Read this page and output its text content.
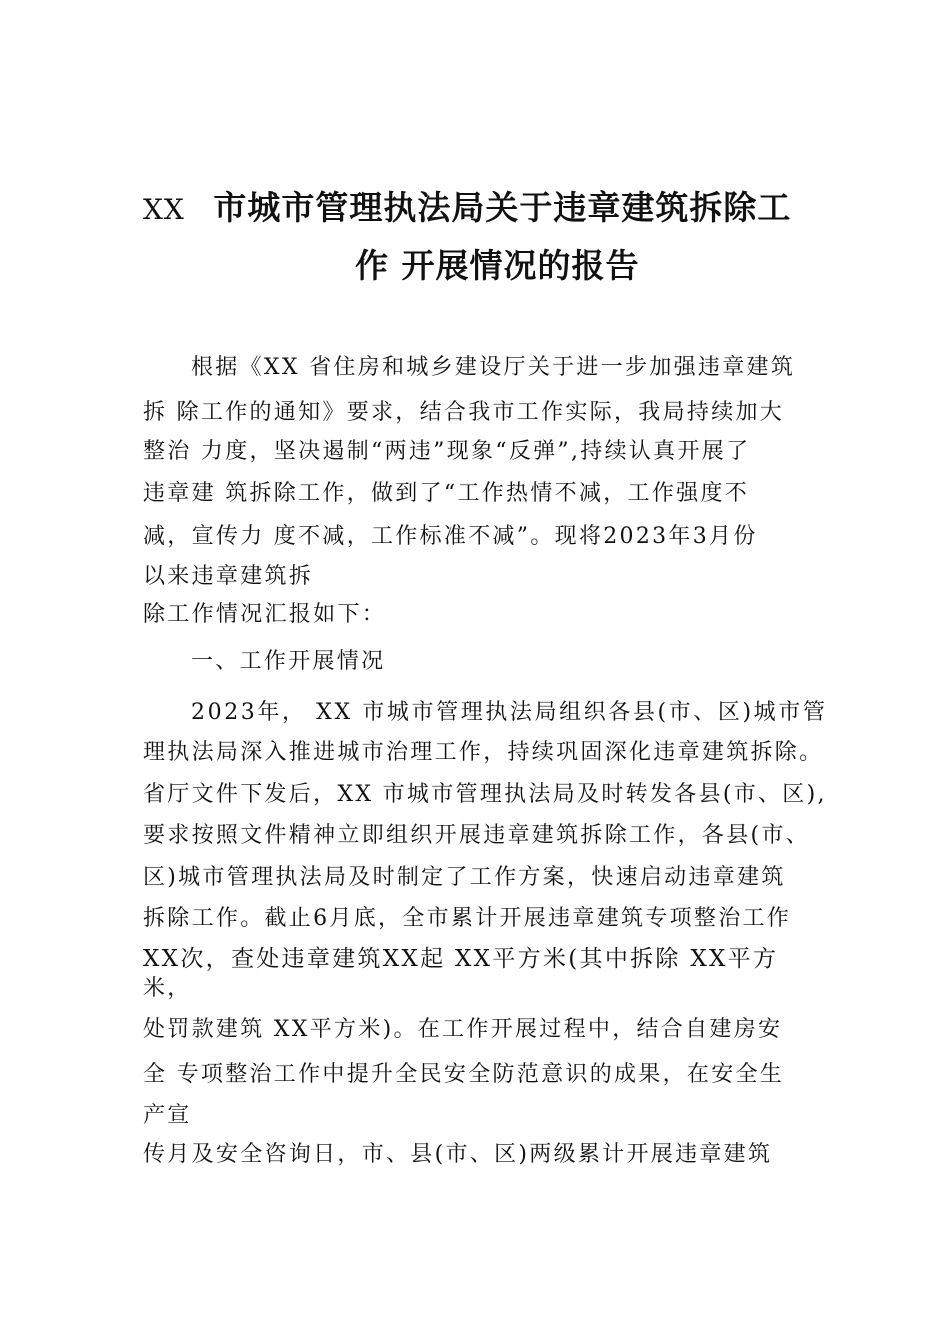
XX 市城市管理执法局关于违章建筑拆除工
作 开展情况的报告
根据《XX 省住房和城乡建设厅关于进一步加强违章建筑
拆 除工作的通知》要求，结合我市工作实际，我局持续加大
整治 力度，坚决遏制“两违”现象“反弹”,持续认真开展了
违章建 筑拆除工作，做到了“工作热情不减，工作强度不
减，宣传力 度不减，工作标准不减”。现将2023年3月份
以来违章建筑拆
除工作情况汇报如下：
一、工作开展情况
2023年， XX 市城市管理执法局组织各县(市、区)城市管
理执法局深入推进城市治理工作，持续巩固深化违章建筑拆除。
省厅文件下发后，XX 市城市管理执法局及时转发各县(市、区),
要求按照文件精神立即组织开展违章建筑拆除工作，各县(市、
区)城市管理执法局及时制定了工作方案，快速启动违章建筑
拆除工作。截止6月底，全市累计开展违章建筑专项整治工作
XX次，查处违章建筑XX起 XX平方米(其中拆除 XX平方
米，
处罚款建筑 XX平方米)。在工作开展过程中，结合自建房安
全 专项整治工作中提升全民安全防范意识的成果，在安全生
产宣
传月及安全咨询日，市、县(市、区)两级累计开展违章建筑
